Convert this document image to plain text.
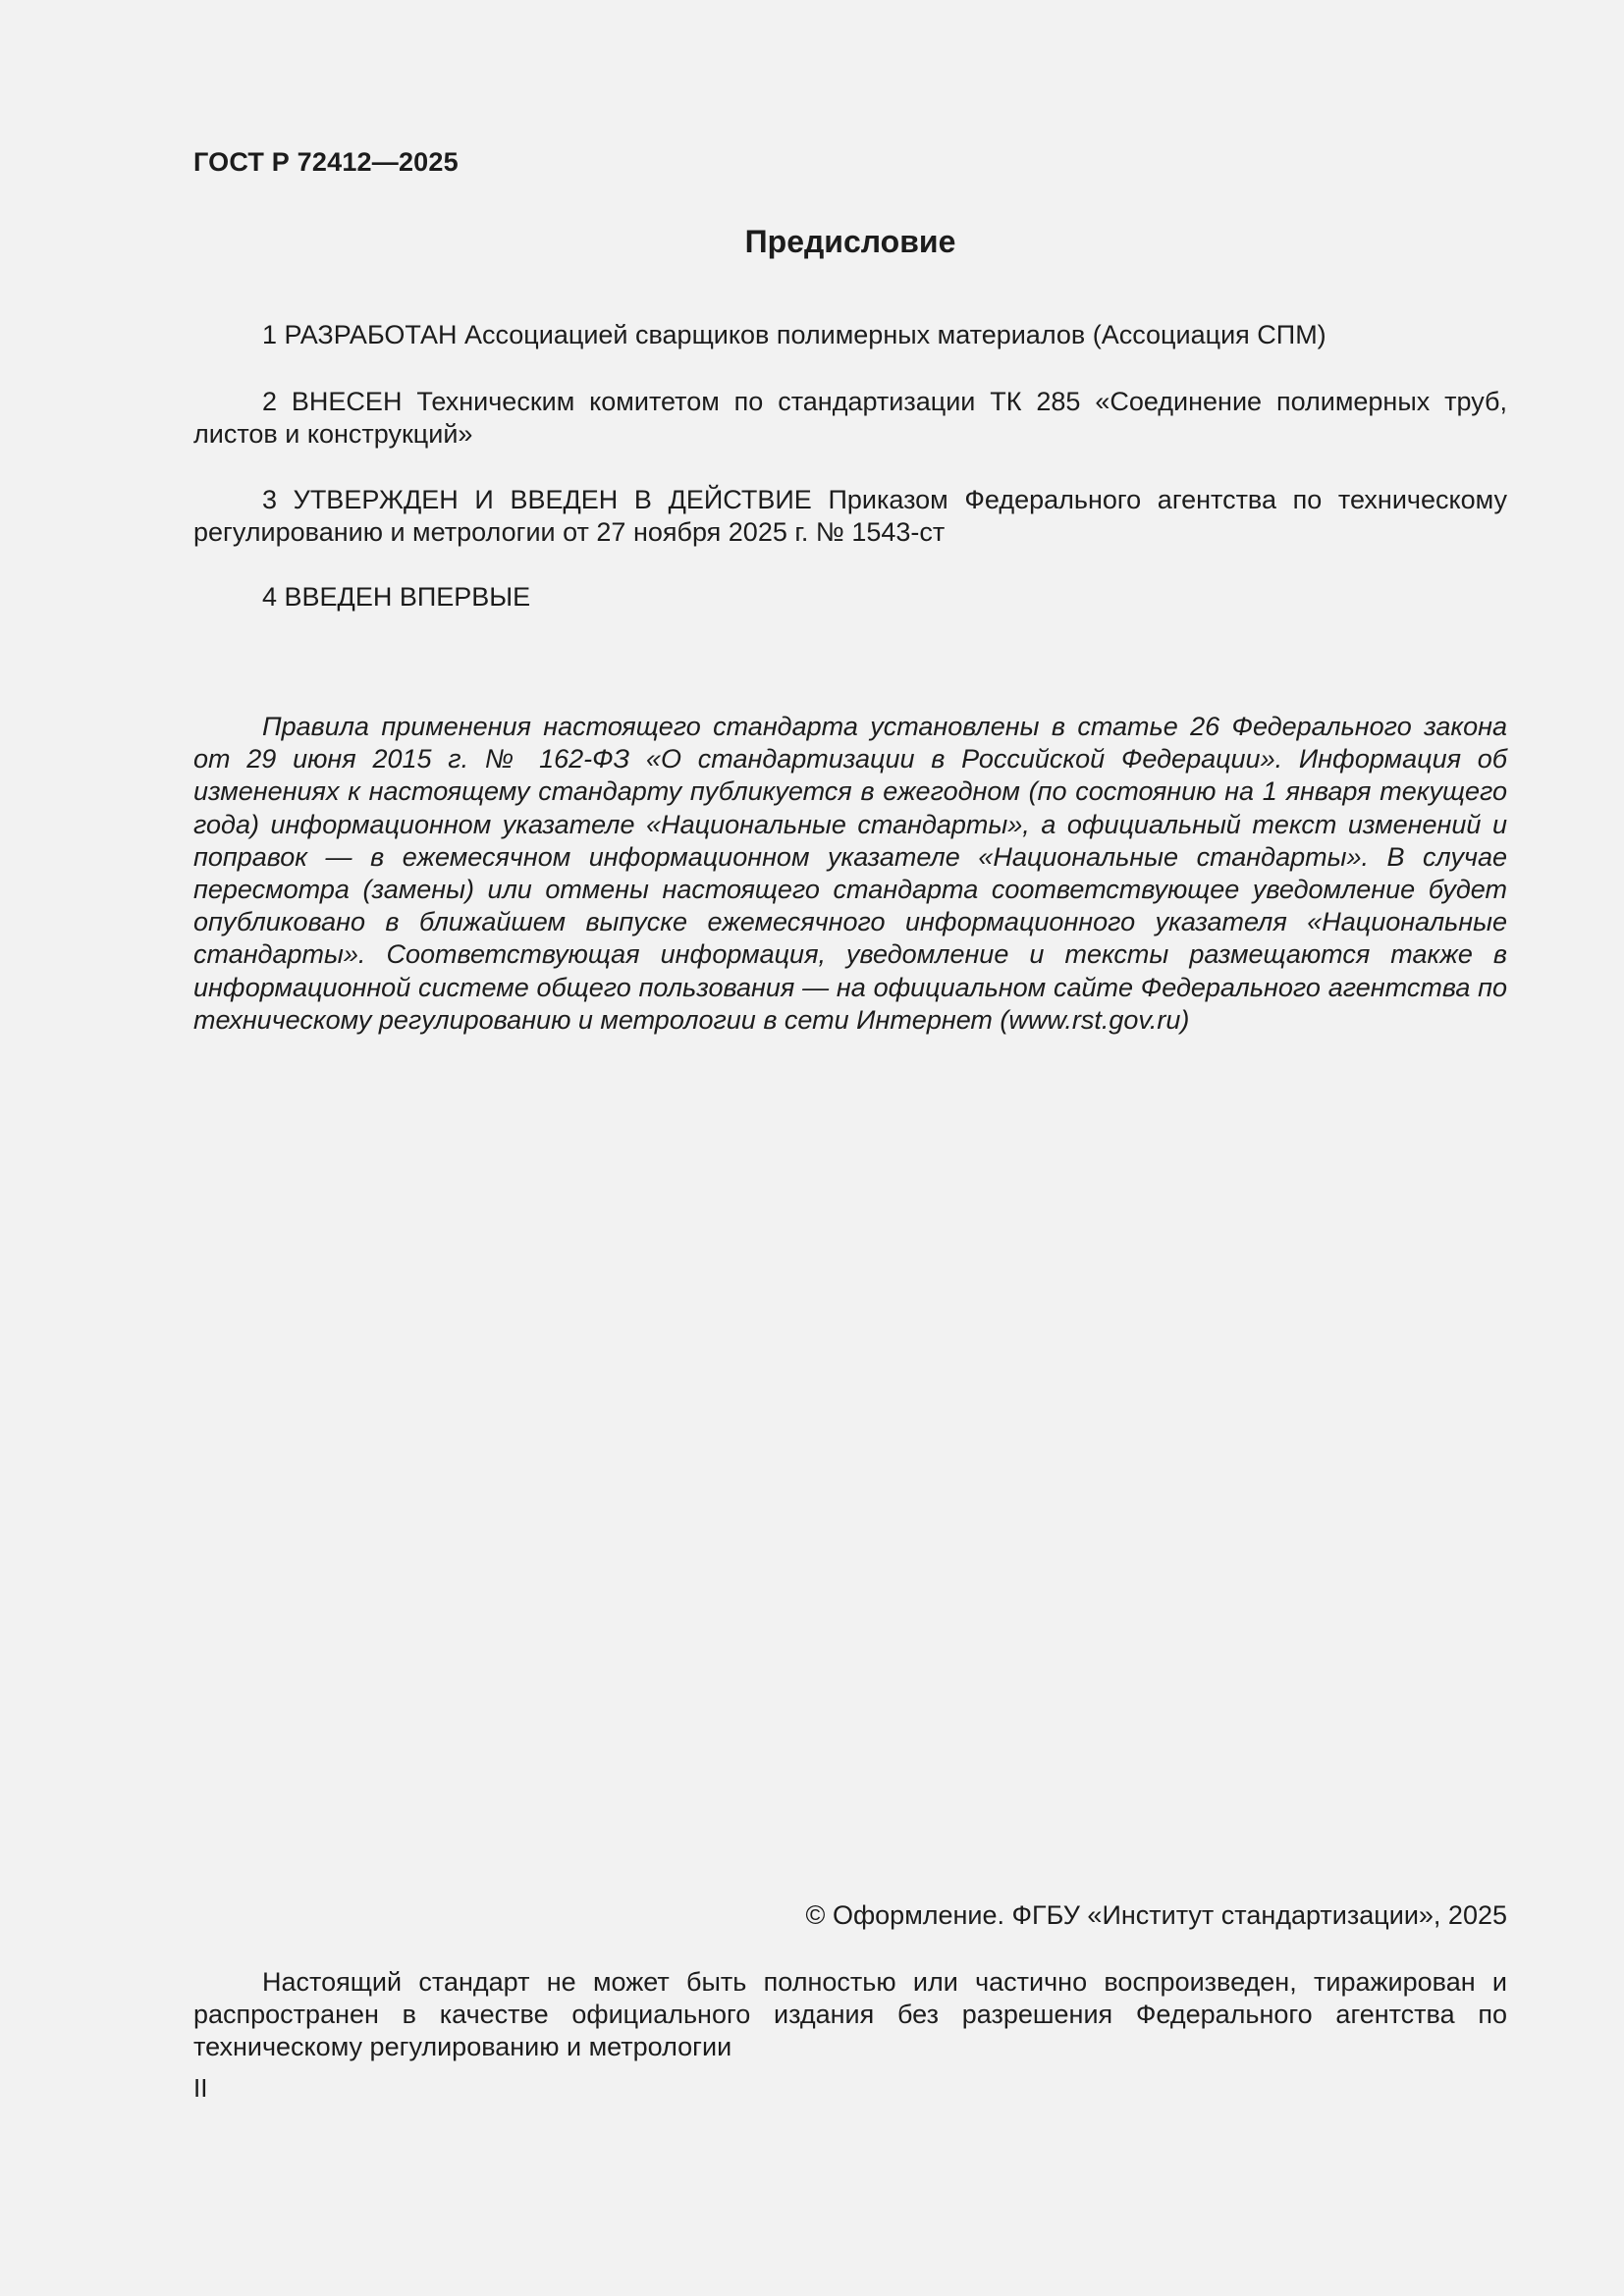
ГОСТ Р 72412—2025
Предисловие

1 РАЗРАБОТАН Ассоциацией сварщиков полимерных материалов (Ассоциация СПМ)

2 ВНЕСЕН Техническим комитетом по стандартизации ТК 285 «Соединение полимерных труб, листов и конструкций»

3 УТВЕРЖДЕН И ВВЕДЕН В ДЕЙСТВИЕ Приказом Федерального агентства по техническому регулированию и метрологии от 27 ноября 2025 г. № 1543-ст

4 ВВЕДЕН ВПЕРВЫЕ

Правила применения настоящего стандарта установлены в статье 26 Федерального закона от 29 июня 2015 г. № 162-ФЗ «О стандартизации в Российской Федерации». Информация об изменениях к настоящему стандарту публикуется в ежегодном (по состоянию на 1 января текущего года) информационном указателе «Национальные стандарты», а официальный текст изменений и поправок — в ежемесячном информационном указателе «Национальные стандарты». В случае пересмотра (замены) или отмены настоящего стандарта соответствующее уведомление будет опубликовано в ближайшем выпуске ежемесячного информационного указателя «Национальные стандарты». Соответствующая информация, уведомление и тексты размещаются также в информационной системе общего пользования — на официальном сайте Федерального агентства по техническому регулированию и метрологии в сети Интернет (www.rst.gov.ru)

© Оформление. ФГБУ «Институт стандартизации», 2025

Настоящий стандарт не может быть полностью или частично воспроизведен, тиражирован и распространен в качестве официального издания без разрешения Федерального агентства по техническому регулированию и метрологии

II
